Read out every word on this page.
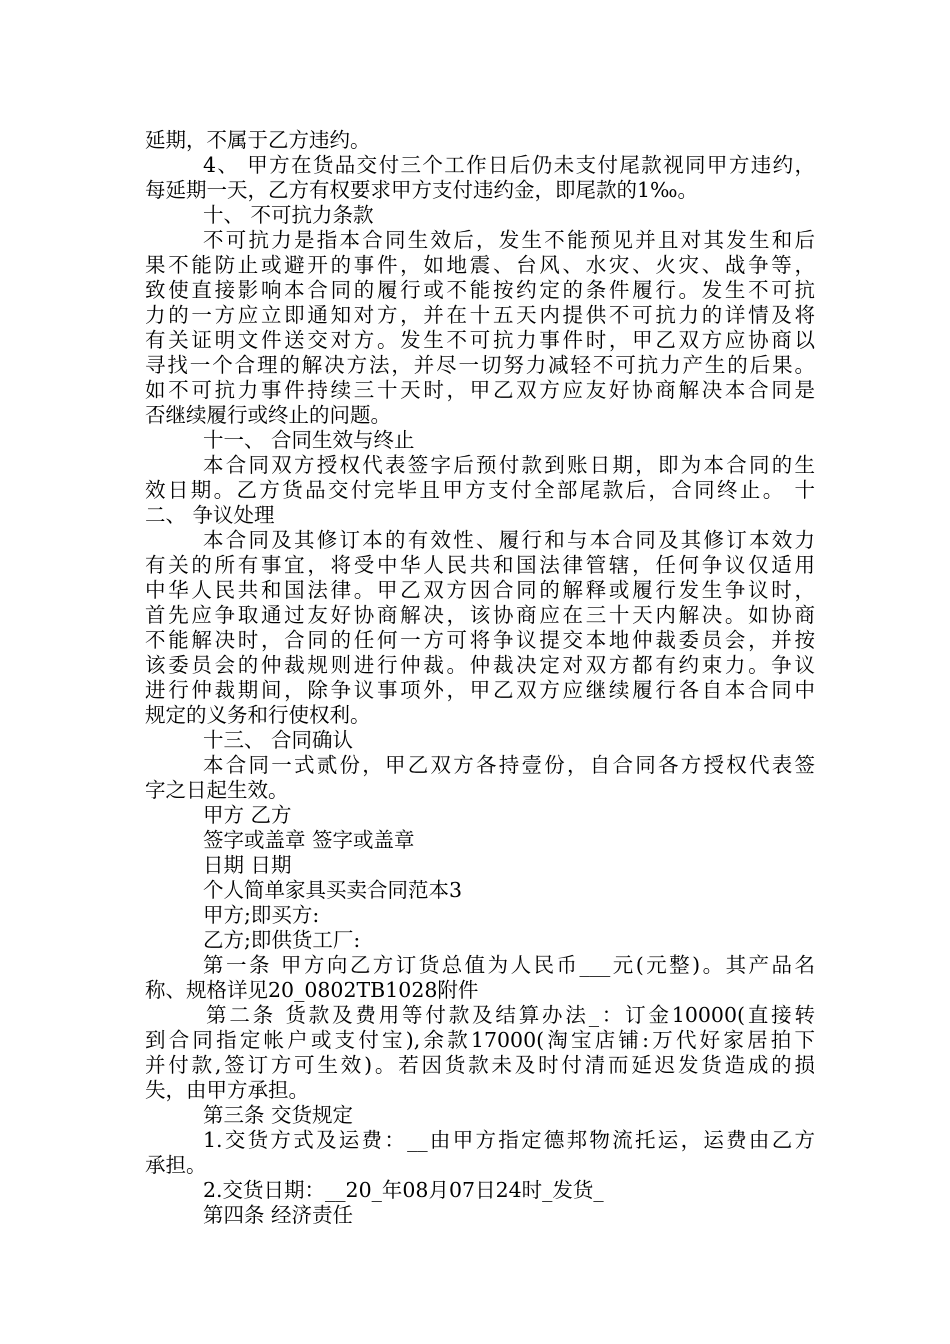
延期，不属于乙方违约。
4、 甲方在货品交付三个工作日后仍未支付尾款视同甲方违约，
每延期一天，乙方有权要求甲方支付违约金，即尾款的1‰。
十、 不可抗力条款
不可抗力是指本合同生效后，发生不能预见并且对其发生和后
果不能防止或避开的事件，如地震、台风、水灾、火灾、战争等，
致使直接影响本合同的履行或不能按约定的条件履行。发生不可抗
力的一方应立即通知对方，并在十五天内提供不可抗力的详情及将
有关证明文件送交对方。发生不可抗力事件时，甲乙双方应协商以
寻找一个合理的解决方法，并尽一切努力减轻不可抗力产生的后果。
如不可抗力事件持续三十天时，甲乙双方应友好协商解决本合同是
否继续履行或终止的问题。
十一、 合同生效与终止
本合同双方授权代表签字后预付款到账日期，即为本合同的生
效日期。乙方货品交付完毕且甲方支付全部尾款后，合同终止。 十
二、 争议处理
本合同及其修订本的有效性、履行和与本合同及其修订本效力
有关的所有事宜，将受中华人民共和国法律管辖，任何争议仅适用
中华人民共和国法律。甲乙双方因合同的解释或履行发生争议时，
首先应争取通过友好协商解决，该协商应在三十天内解决。如协商
不能解决时，合同的任何一方可将争议提交本地仲裁委员会，并按
该委员会的仲裁规则进行仲裁。仲裁决定对双方都有约束力。争议
进行仲裁期间，除争议事项外，甲乙双方应继续履行各自本合同中
规定的义务和行使权利。
十三、 合同确认
本合同一式贰份，甲乙双方各持壹份，自合同各方授权代表签
字之日起生效。
甲方 乙方
签字或盖章 签字或盖章
日期 日期
个人简单家具买卖合同范本3
甲方;即买方:
乙方;即供货工厂:
第一条 甲方向乙方订货总值为人民币___元(元整)。其产品名
称、规格详见20_0802TB1028附件
第二条 货款及费用等付款及结算办法_：订金10000(直接转
到合同指定帐户或支付宝),余款17000(淘宝店铺:万代好家居拍下
并付款,签订方可生效)。若因货款未及时付清而延迟发货造成的损
失，由甲方承担。
第三条 交货规定
1.交货方式及运费：__由甲方指定德邦物流托运，运费由乙方
承担。
2.交货日期：__20_年08月07日24时_发货_
第四条 经济责任
